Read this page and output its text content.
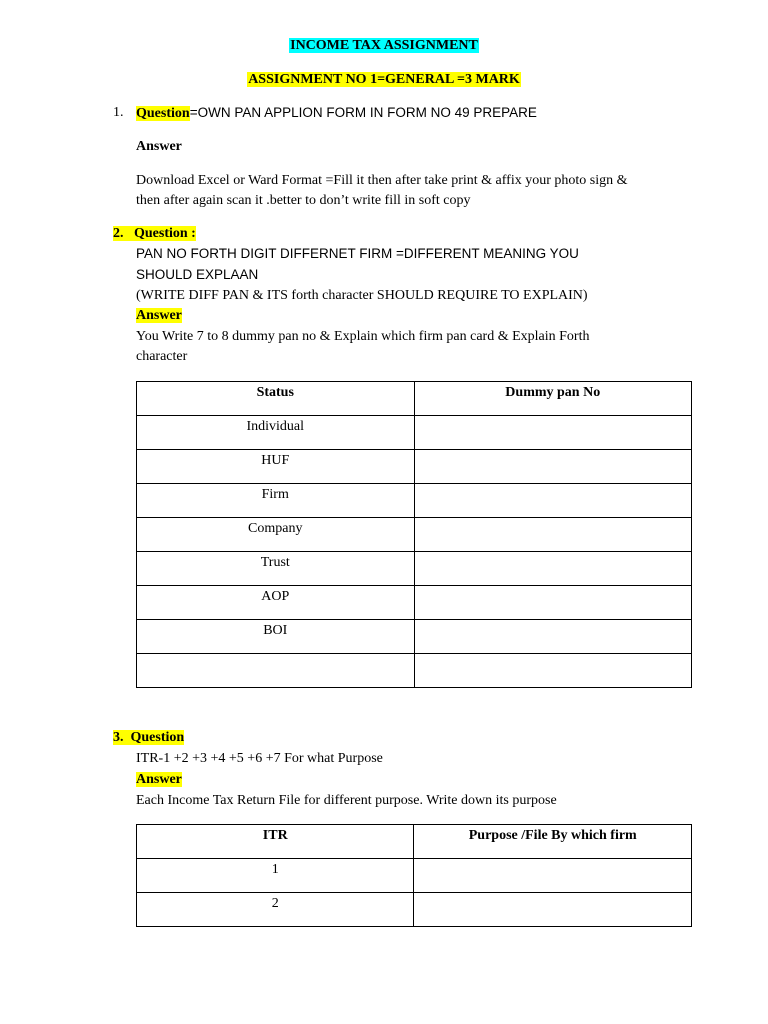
INCOME TAX ASSIGNMENT
ASSIGNMENT NO 1=GENERAL =3 MARK
1. Question=OWN PAN APPLION FORM IN FORM NO 49 PREPARE
Answer
Download Excel or Ward Format =Fill it then after take print & affix your photo sign &
then after again scan it .better to don’t write fill in soft copy
2. Question :
PAN NO FORTH DIGIT DIFFERNET FIRM =DIFFERENT MEANING YOU
SHOULD EXPLAAN
(WRITE DIFF PAN & ITS forth character SHOULD REQUIRE TO EXPLAIN)
Answer
You Write 7 to 8 dummy pan no & Explain which firm pan card & Explain Forth
character
Status	Dummy pan No

Individual	

HUF	

Firm	

Company	

Trust	

AOP	

BOI	

3. Question
ITR-1 +2 +3 +4 +5 +6 +7 For what Purpose
Answer
Each Income Tax Return File for different purpose. Write down its purpose
ITR	Purpose /File By which firm

1	

2	
